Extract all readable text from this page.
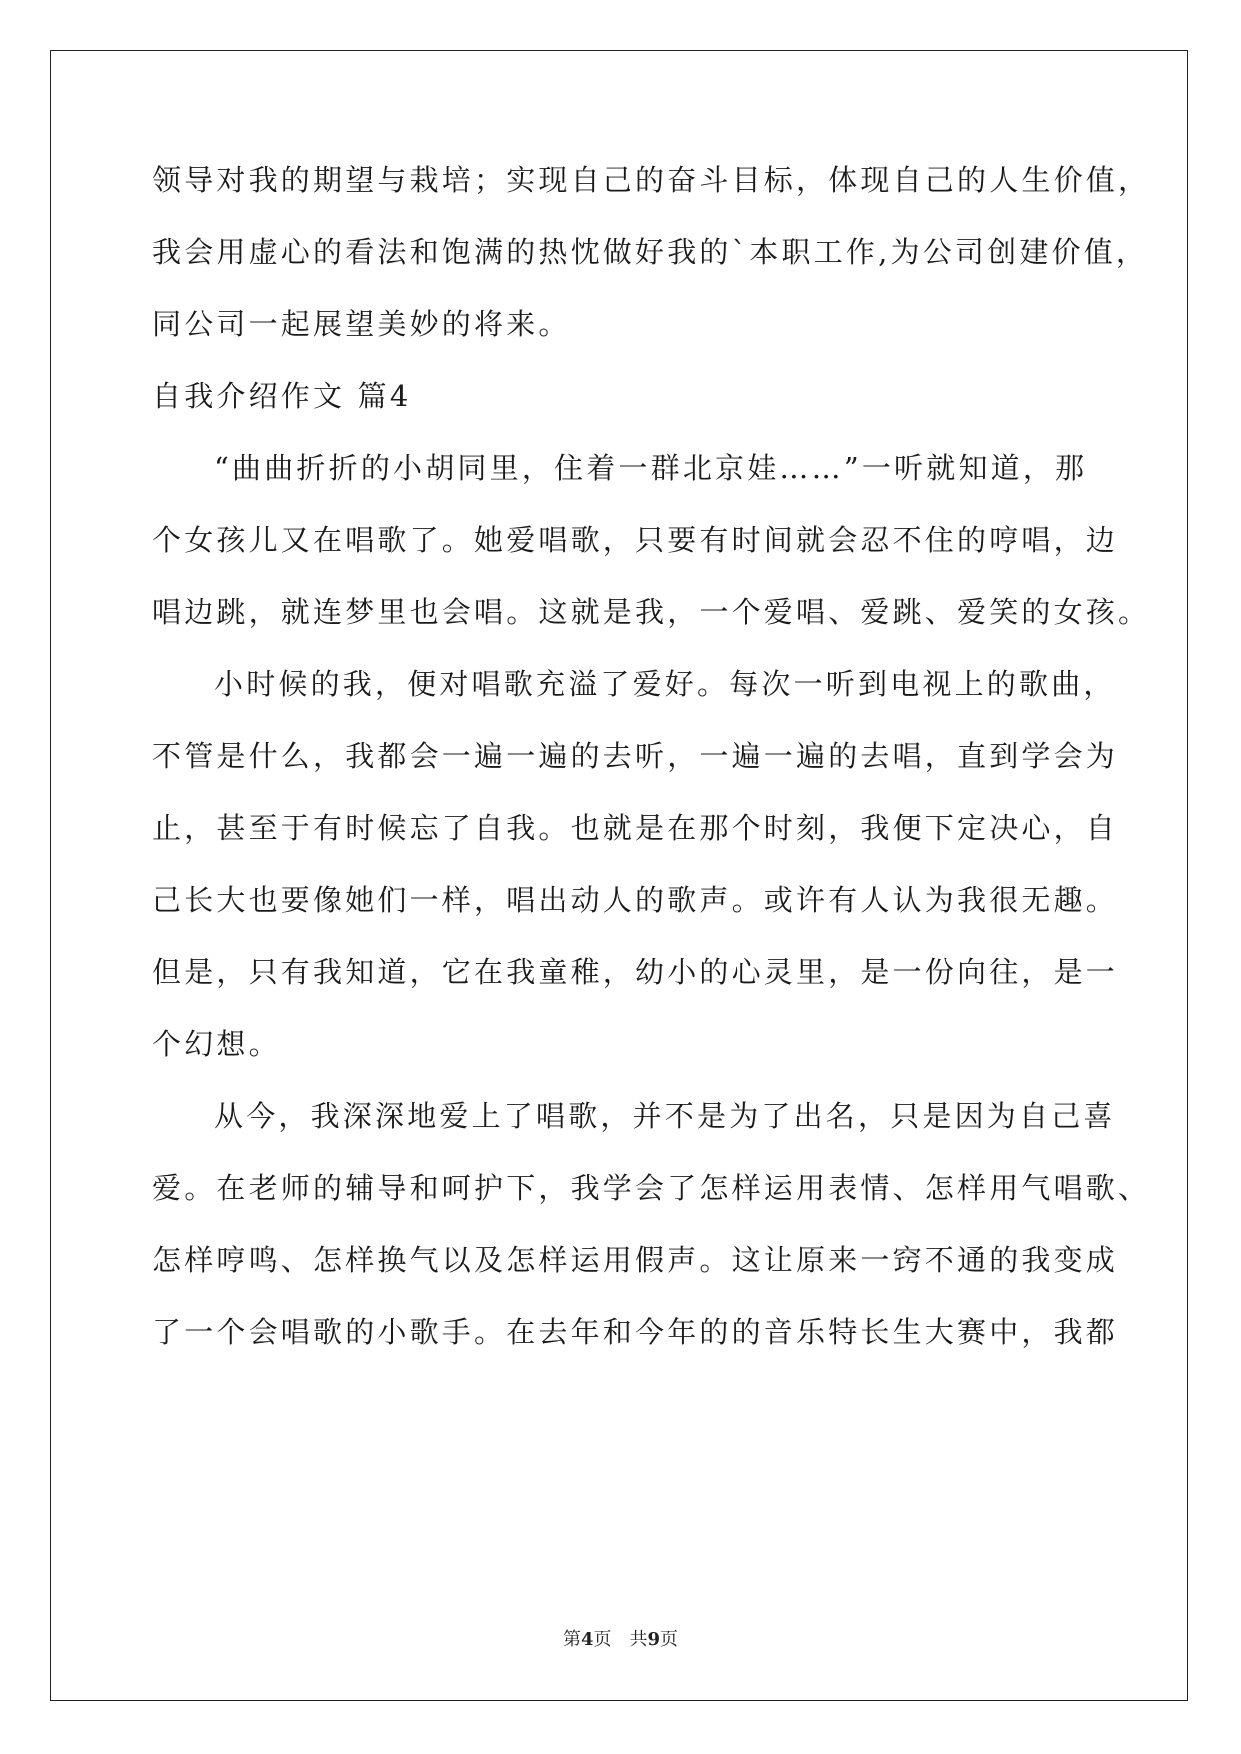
领导对我的期望与栽培；实现自己的奋斗目标，体现自己的人生价值，
我会用虚心的看法和饱满的热忱做好我的`本职工作,为公司创建价值，
同公司一起展望美妙的将来。
自我介绍作文 篇4
“曲曲折折的小胡同里，住着一群北京娃……”一听就知道，那
个女孩儿又在唱歌了。她爱唱歌，只要有时间就会忍不住的哼唱，边
唱边跳，就连梦里也会唱。这就是我，一个爱唱、爱跳、爱笑的女孩。
小时候的我，便对唱歌充溢了爱好。每次一听到电视上的歌曲，
不管是什么，我都会一遍一遍的去听，一遍一遍的去唱，直到学会为
止，甚至于有时候忘了自我。也就是在那个时刻，我便下定决心，自
己长大也要像她们一样，唱出动人的歌声。或许有人认为我很无趣。
但是，只有我知道，它在我童稚，幼小的心灵里，是一份向往，是一
个幻想。
从今，我深深地爱上了唱歌，并不是为了出名，只是因为自己喜
爱。在老师的辅导和呵护下，我学会了怎样运用表情、怎样用气唱歌、
怎样哼鸣、怎样换气以及怎样运用假声。这让原来一窍不通的我变成
了一个会唱歌的小歌手。在去年和今年的的音乐特长生大赛中，我都
第4页　共9页
